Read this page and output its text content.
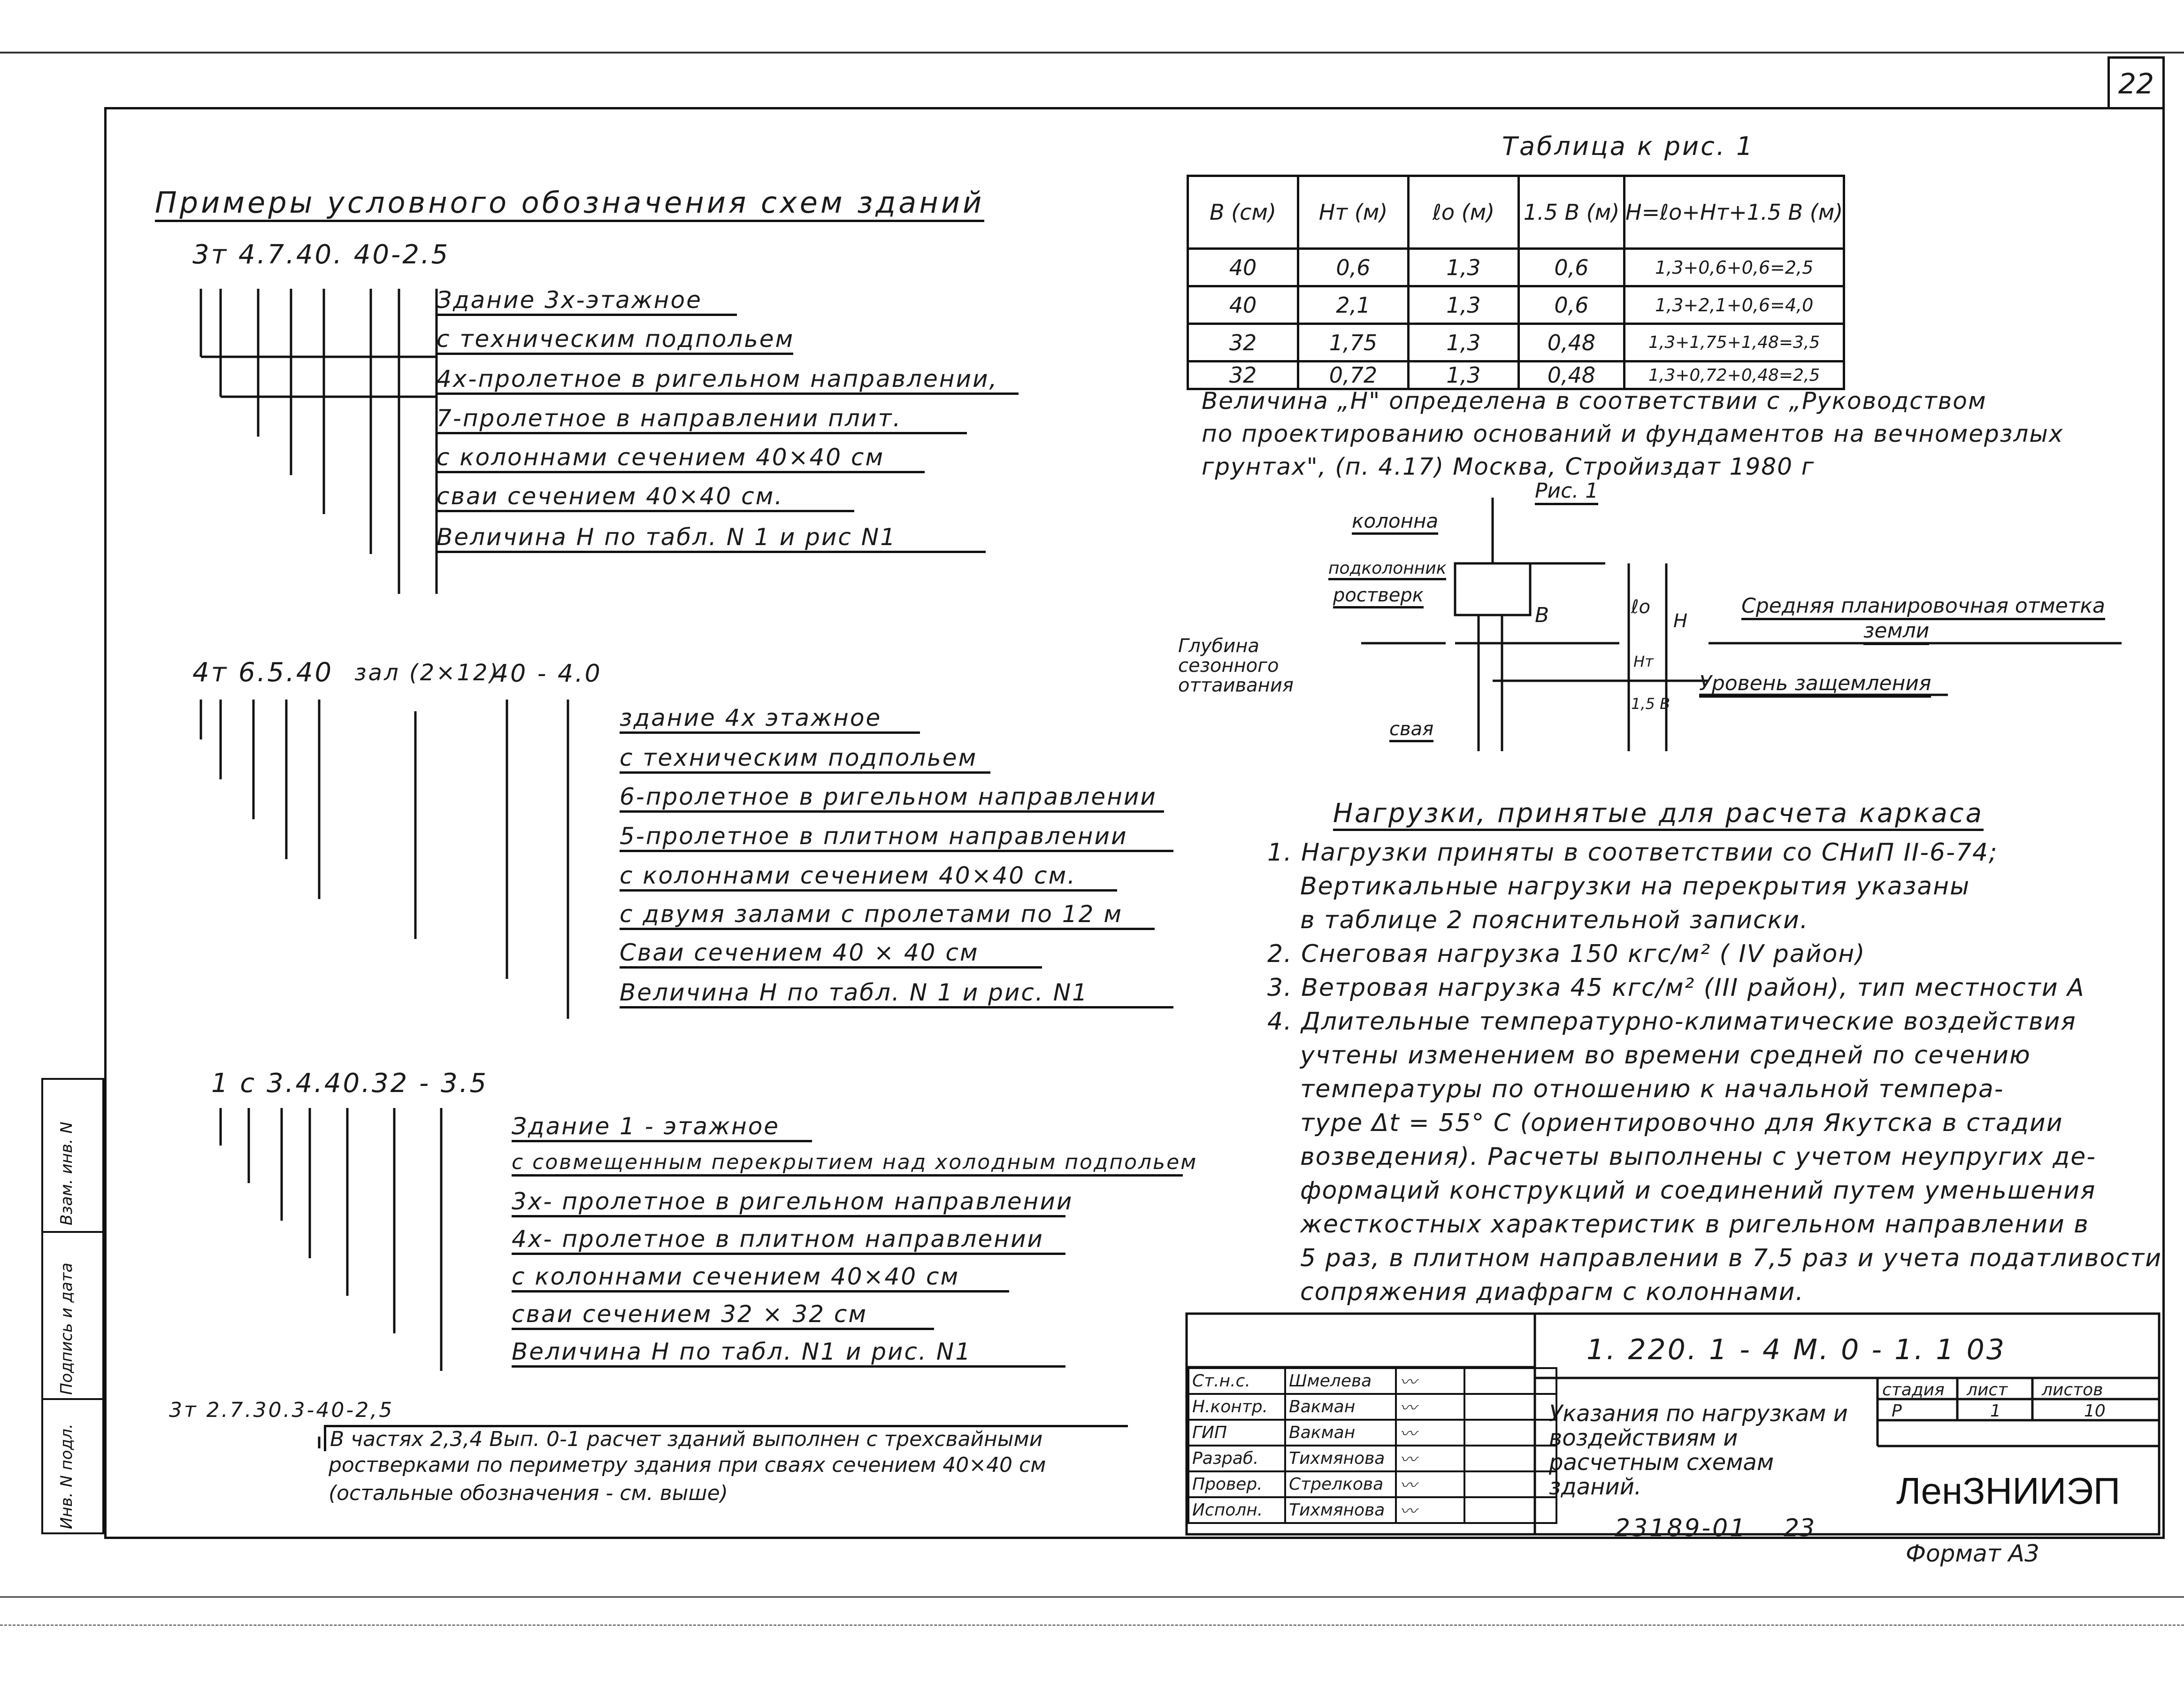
22
Взам. инв. N
Подпись и дата
Инв. N подл.
Примеры условного обозначения схем зданий
3т 4.7.40. 40-2.5
Здание 3х-этажное
с техническим подпольем
4х-пролетное в ригельном направлении,
7-пролетное в направлении плит.
с колоннами сечением 40×40 см
сваи сечением 40×40 см.
Величина Н по табл. N 1 и рис N1
4т 6.5.40 зал (2×12)
40 - 4.0
здание 4х этажное
с техническим подпольем
6-пролетное в ригельном направлении
5-пролетное в плитном направлении
с колоннами сечением 40×40 см.
с двумя залами с пролетами по 12 м
Сваи сечением 40 × 40 см
Величина Н по табл. N 1 и рис. N1
1 с 3.4.40.32 - 3.5
Здание 1 - этажное
с совмещенным перекрытием над холодным подпольем
3х- пролетное в ригельном направлении
4х- пролетное в плитном направлении
с колоннами сечением 40×40 см
сваи сечением 32 × 32 см
Величина Н по табл. N1 и рис. N1
3т 2.7.30.3-40-2,5
В частях 2,3,4 Вып. 0-1 расчет зданий выполнен с трехсвайными
ростверками по периметру здания при сваях сечением 40×40 см
(остальные обозначения - см. выше)
Таблица к рис. 1
В (см)	Нт (м)	ℓо (м)	1.5 В (м)	Н=ℓо+Нт+1.5 В (м)
40	0,6	1,3	0,6	1,3+0,6+0,6=2,5
40	2,1	1,3	0,6	1,3+2,1+0,6=4,0
32	1,75	1,3	0,48	1,3+1,75+1,48=3,5
32	0,72	1,3	0,48	1,3+0,72+0,48=2,5
Величина „Н" определена в соответствии с „Руководством
по проектированию оснований и фундаментов на вечномерзлых
грунтах", (п. 4.17) Москва, Стройиздат 1980 г
Рис. 1
колонна
подколонник
ростверк
Глубина
сезонного
оттаивания
свая
В	ℓо
Н
Нт
1,5 В
Средняя планировочная отметка
земли
Уровень защемления
Нагрузки, принятые для расчета каркаса

1. Нагрузки приняты в соответствии со СНиП II-6-74;

Вертикальные нагрузки на перекрытия указаны

в таблице 2 пояснительной записки.

2. Снеговая нагрузка 150 кгс/м² ( IV район)

3. Ветровая нагрузка 45 кгс/м² (III район), тип местности А

4. Длительные температурно-климатические воздействия

учтены изменением во времени средней по сечению

температуры по отношению к начальной темпера-

туре Δt = 55° С (ориентировочно для Якутска в стадии

возведения). Расчеты выполнены с учетом неупругих де-

формаций конструкций и соединений путем уменьшения

жесткостных характеристик в ригельном направлении в

5 раз, в плитном направлении в 7,5 раз и учета податливости

сопряжения диафрагм с колоннами.

1. 220. 1 - 4 M. 0 - 1. 1 03
Указания по нагрузкам и воздействиям и расчетным схемам зданий.
стадия лист листов
Р	1	10
ЛенЗНИИЭП
Ст.н.с.	Шмелева	〰	
Н.контр.	Вакман	〰	
ГИП	Вакман	〰	
Разраб.	Тихмянова	〰	
Провер.	Стрелкова	〰	
Исполн.	Тихмянова	〰	
23189-01 23
Формат А3
